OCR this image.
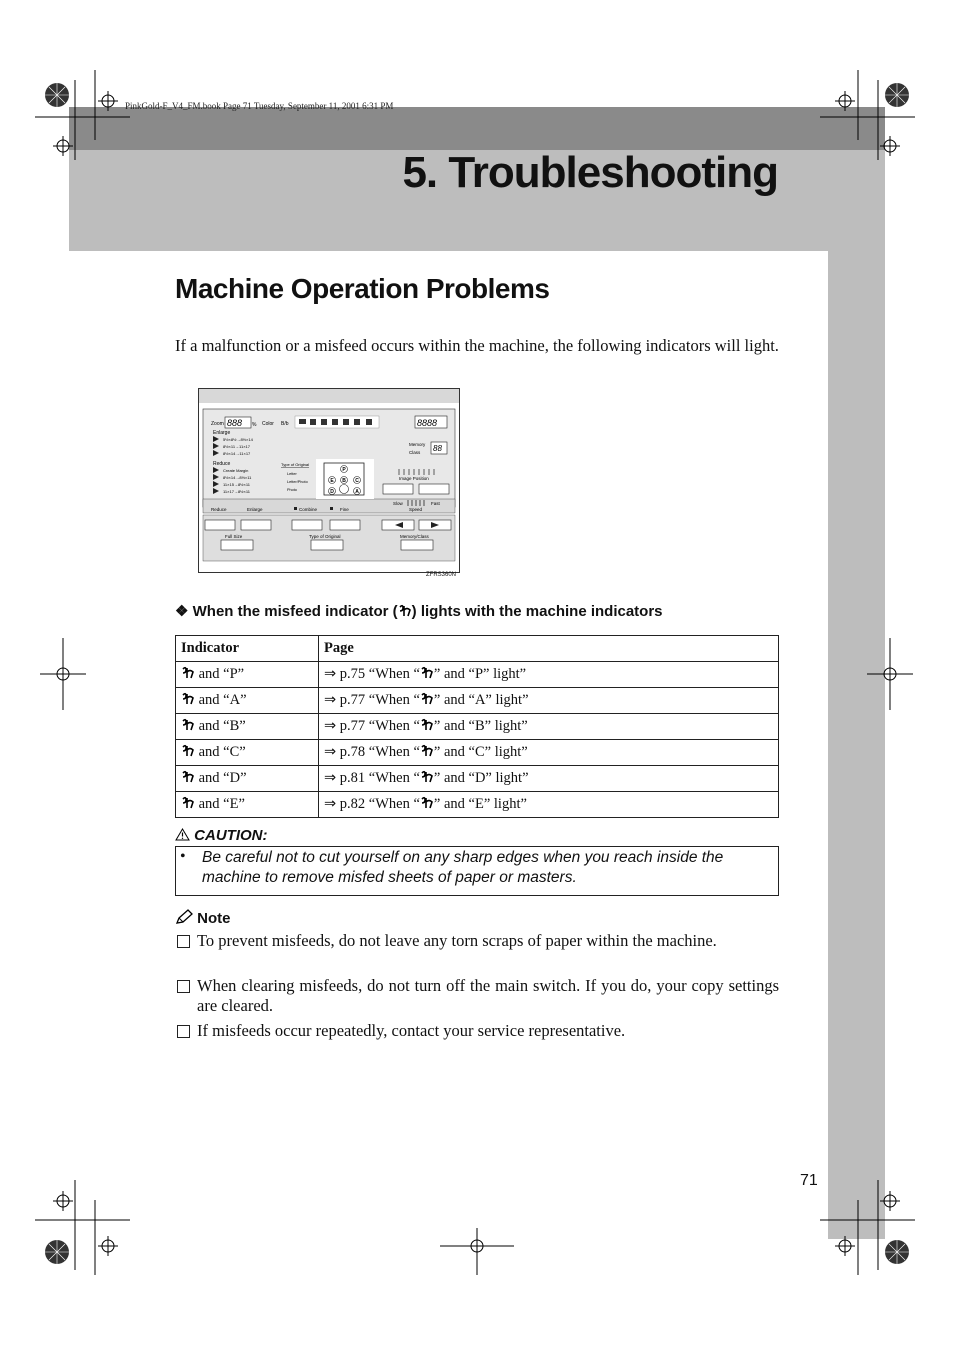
PinkGold-F_V4_FM.book Page 71 Tuesday, September 11, 2001 6:31 PM
5. Troubleshooting
Machine Operation Problems
If a malfunction or a misfeed occurs within the machine, the following indicators will light.
Zoom 888 % Color B/b	8888
Enlarge
5½×8½→8½×14
8½×11→11×17
8½×14→11×17
Reduce
Create Margin
8½×14→8½×11
11×15→8½×11
11×17→8½×11
Type of Original
Letter
Letter/Photo
Photo
P
E B C
D	A
Memory
Class 88
Image Position
Slow	Fast
Speed
Reduce	Enlarge	Combine	Fine
Full Size	Type of Original	Memory/Class
ZFRS360N
❖ When the misfeed indicator ( ) lights with the machine indicators
Indicator	Page
and “P”	⇒ p.75 “When “ ” and “P” light”
and “A”	⇒ p.77 “When “ ” and “A” light”
and “B”	⇒ p.77 “When “ ” and “B” light”
and “C”	⇒ p.78 “When “ ” and “C” light”
and “D”	⇒ p.81 “When “ ” and “D” light”
and “E”	⇒ p.82 “When “ ” and “E” light”
CAUTION:
• Be careful not to cut yourself on any sharp edges when you reach inside the machine to remove misfed sheets of paper or masters.
Note
To prevent misfeeds, do not leave any torn scraps of paper within the machine.
When clearing misfeeds, do not turn off the main switch. If you do, your copy settings are cleared.
If misfeeds occur repeatedly, contact your service representative.
71
